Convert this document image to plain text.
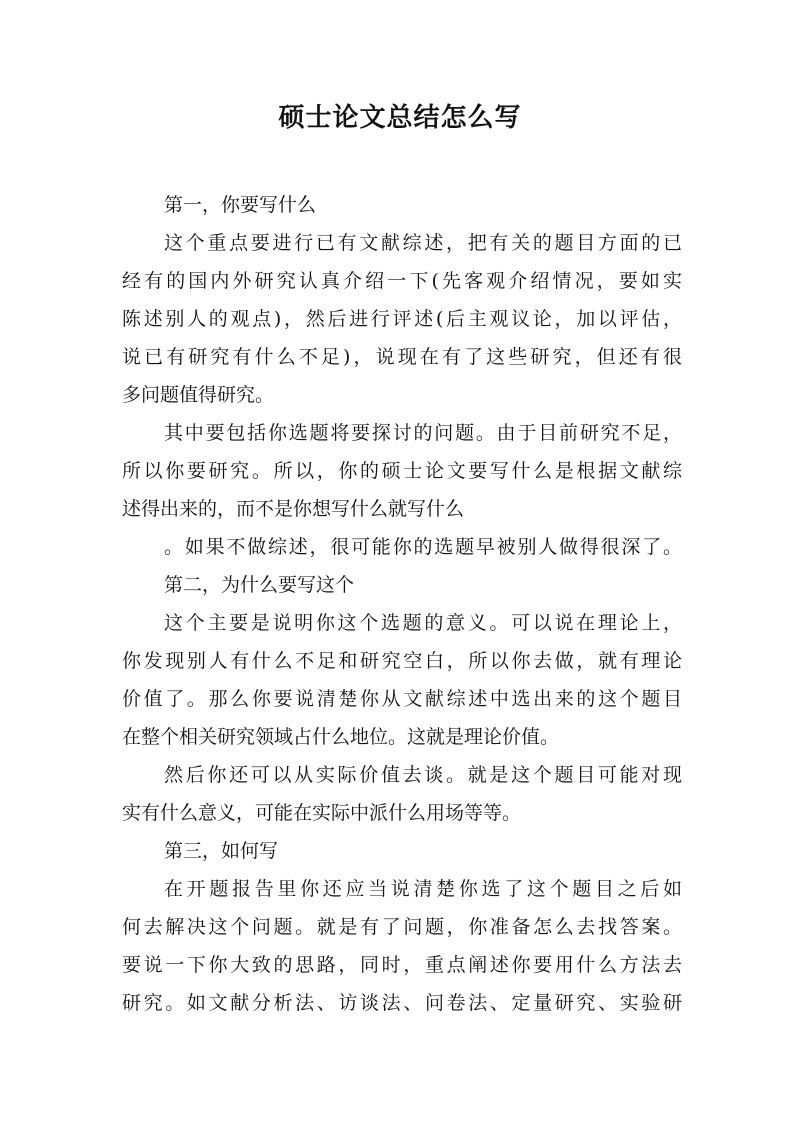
硕士论文总结怎么写
第一，你要写什么
这个重点要进行已有文献综述，把有关的题目方面的已
经有的国内外研究认真介绍一下(先客观介绍情况，要如实
陈述别人的观点)，然后进行评述(后主观议论，加以评估，
说已有研究有什么不足)，说现在有了这些研究，但还有很
多问题值得研究。
其中要包括你选题将要探讨的问题。由于目前研究不足，
所以你要研究。所以，你的硕士论文要写什么是根据文献综
述得出来的，而不是你想写什么就写什么
。如果不做综述，很可能你的选题早被别人做得很深了。
第二，为什么要写这个
这个主要是说明你这个选题的意义。可以说在理论上，
你发现别人有什么不足和研究空白，所以你去做，就有理论
价值了。那么你要说清楚你从文献综述中选出来的这个题目
在整个相关研究领域占什么地位。这就是理论价值。
然后你还可以从实际价值去谈。就是这个题目可能对现
实有什么意义，可能在实际中派什么用场等等。
第三，如何写
在开题报告里你还应当说清楚你选了这个题目之后如
何去解决这个问题。就是有了问题，你准备怎么去找答案。
要说一下你大致的思路，同时，重点阐述你要用什么方法去
研究。如文献分析法、访谈法、问卷法、定量研究、实验研
